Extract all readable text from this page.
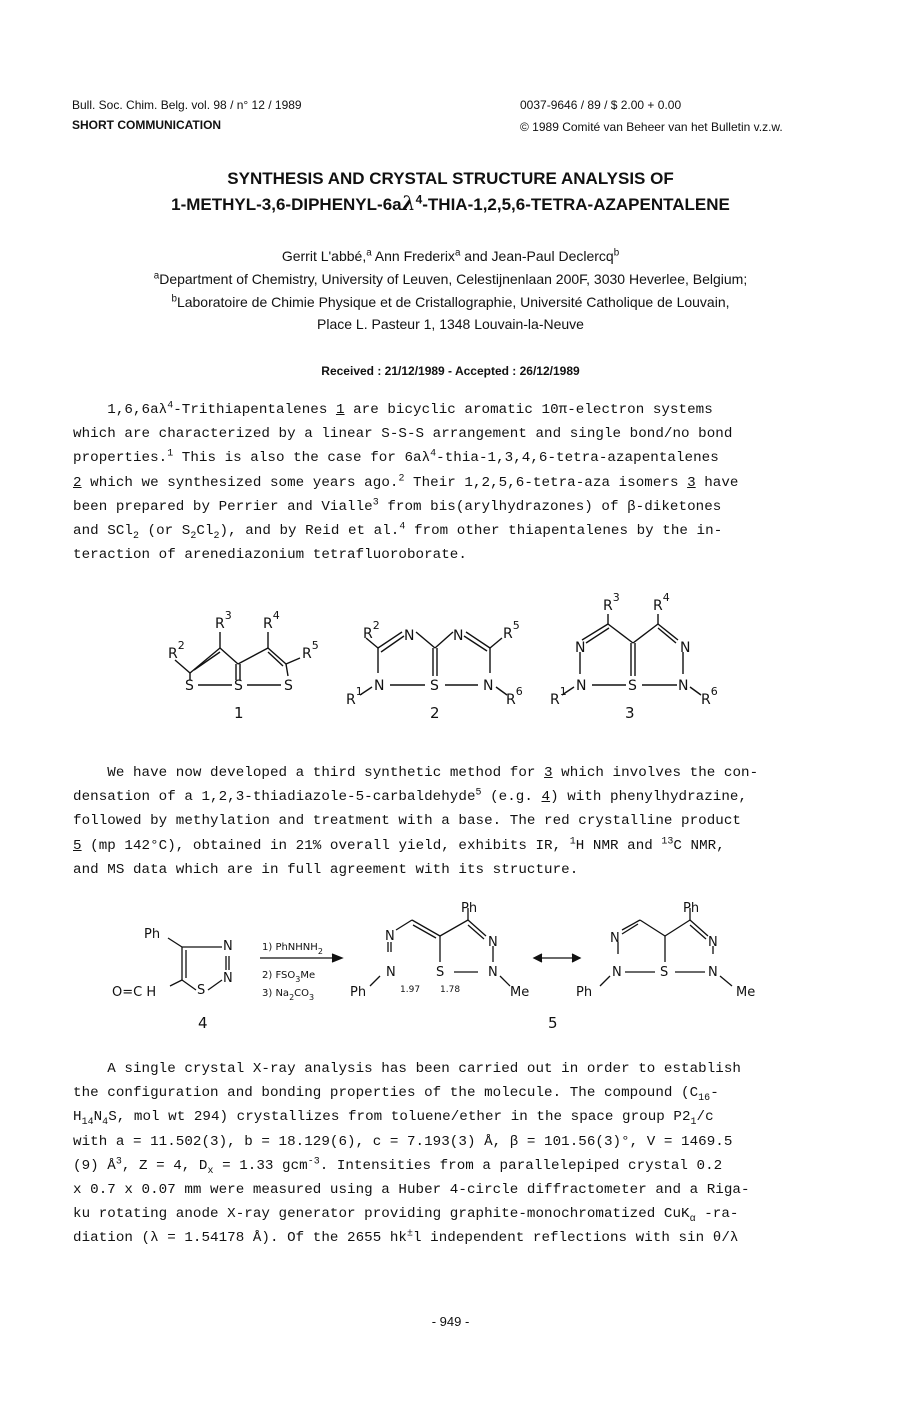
Bull. Soc. Chim. Belg. vol. 98 / n° 12 / 1989
SHORT COMMUNICATION
0037-9646 / 89 / $ 2.00 + 0.00
© 1989 Comité van Beheer van het Bulletin v.z.w.
SYNTHESIS AND CRYSTAL STRUCTURE ANALYSIS OF
$1-METHYL-3,6-DIPHENYL-6a\lambda^4-THIA-1,2,5,6-TETRA$-AZAPENTALENE
Gerrit L'abbé,$^a$ Ann Frederix$^a$ and Jean-Paul Declercq$^b$
$^a$Department of Chemistry, University of Leuven, Celestijnenlaan 200F, 3030 Heverlee, Belgium;
$^b$Laboratoire de Chimie Physique et de Cristallographie, Université Catholique de Louvain,
Place L. Pasteur 1, 1348 Louvain-la-Neuve
Received : 21/12/1989 - Accepted : 26/12/1989
$1,6,6a\lambda^4$-Trithiapentalenes 1 are bicyclic aromatic 10π-electron systems
which are characterized by a linear S-S-S arrangement and single bond/no bond
properties.$^1$ This is also the case for $6a\lambda^4-thia-1,3,4,6-tetra$-azapentalenes
2 which we synthesized some years ago.$^2$ Their 1,2,5,6-tetra-aza isomers 3 have
been prepared by Perrier and Vialle$^3$ from bis(arylhydrazones) of β-diketones
and SCl$_2$ (or $S_2Cl_2$), and by Reid et al.$^4$ from other thiapentalenes by the in-
teraction of arenediazonium tetrafluoroborate.
$R^3$
$R^4$
$R^2$
$R^5$
S	S	S
1
$R^2$
$R^5$
N	N
N	S	N
$R^1$
$R^6$
2
$R^3$
$R^4$
N	N
N	S	N
$R^1$
$R^6$
3
We have now developed a third synthetic method for 3 which involves the con-
densation of a 1,2,3-thiadiazole-5-carbaldehyde$^5$ (e.g. 4) with phenylhydrazine,
followed by methylation and treatment with a base. The red crystalline product
5 (mp 142°C), obtained in 21% overall yield, exhibits IR, $^1$H NMR and $^{13}$C NMR,
and MS data which are in full agreement with its structure.
Ph
N
N
S
O=C H
4
1) PhNHNH$_2$
2) $FSO_3Me$
3) $Na_2CO_3$
Ph
N	N
N	S	N
Ph	1.97 1.78	Me
5
Ph
N	N
N	S	N
Ph	Me
A single crystal X-ray analysis has been carried out in order to establish
the configuration and bonding properties of the molecule. The compound ($C_{16}-$
$H_{14}N_4S$, mol wt 294) crystallizes from toluene/ether in the space group $P2_1/c$
with a = 11.502(3), b = 18.129(6), c = 7.193(3) Å, β = 101.56(3)°, V = 1469.5
(9) $Å^3$, Z = 4, $D_x = 1.33$ gcm$^{-3}$. Intensities from a parallelepiped crystal 0.2
x 0.7 x 0.07 mm were measured using a Huber 4-circle diffractometer and a Riga-
ku rotating anode X-ray generator providing graphite-monochromatized CuK$_\alpha$ -ra-
diation (λ = 1.54178 Å). Of the 2655 hk±l independent reflections with sin θ/λ
- 949 -
